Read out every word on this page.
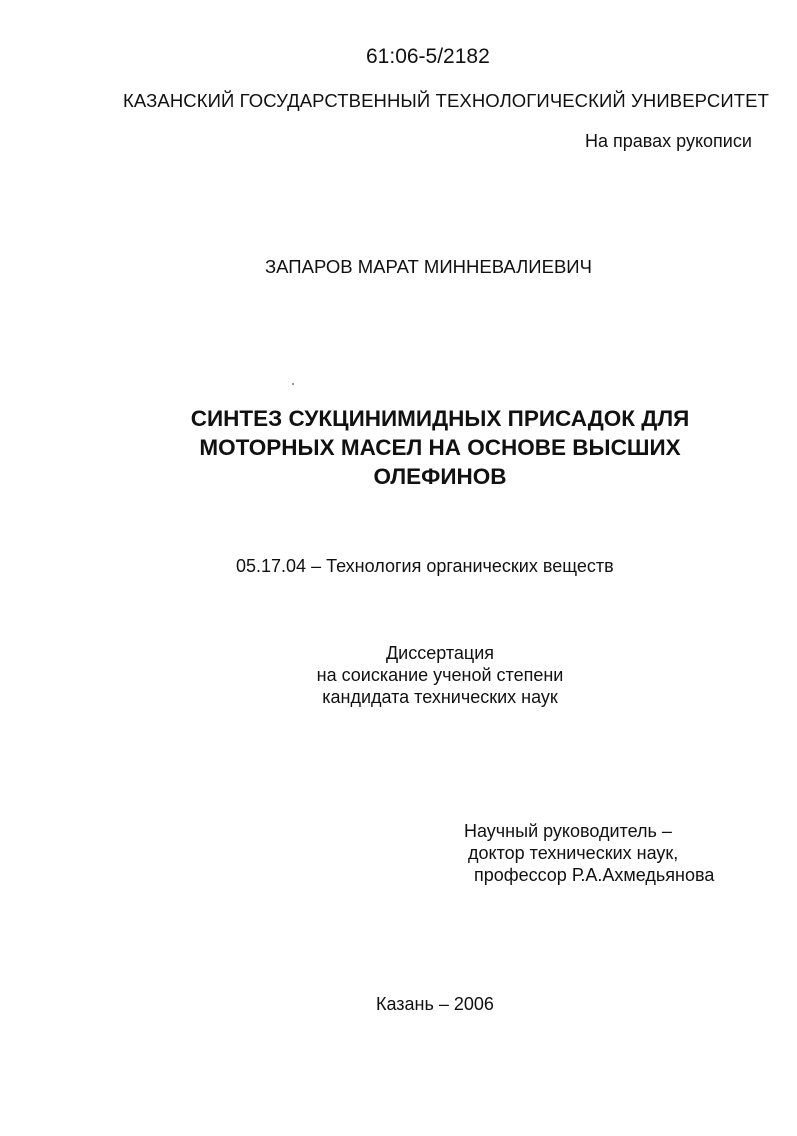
61:06-5/2182
КАЗАНСКИЙ ГОСУДАРСТВЕННЫЙ ТЕХНОЛОГИЧЕСКИЙ УНИВЕРСИТЕТ
На правах рукописи
ЗАПАРОВ МАРАТ МИННЕВАЛИЕВИЧ
СИНТЕЗ СУКЦИНИМИДНЫХ ПРИСАДОК ДЛЯ
МОТОРНЫХ МАСЕЛ НА ОСНОВЕ ВЫСШИХ
ОЛЕФИНОВ
05.17.04 – Технология органических веществ
Диссертация
на соискание ученой степени
кандидата технических наук
Научный руководитель –
доктор технических наук,
профессор Р.А.Ахмедьянова
Казань – 2006
